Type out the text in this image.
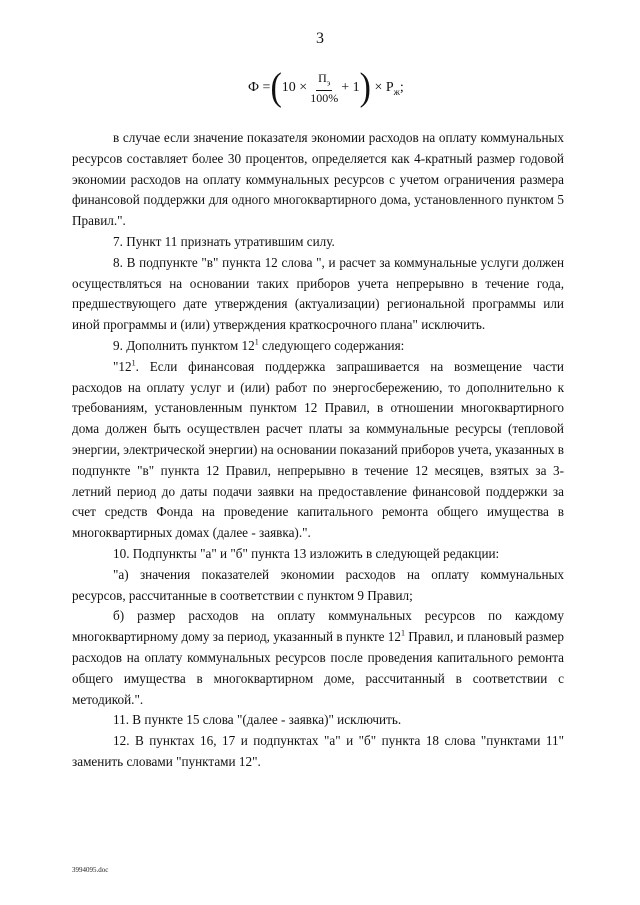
3
Ф = ( $10 \times \frac{П_э}{100\%} + 1$ ) × $Р_ж$ ;

в случае если значение показателя экономии расходов на оплату коммунальных ресурсов составляет более 30 процентов, определяется как 4-кратный размер годовой экономии расходов на оплату коммунальных ресурсов с учетом ограничения размера финансовой поддержки для одного многоквартирного дома, установленного пунктом 5 Правил.".

7. Пункт 11 признать утратившим силу.

8. В подпункте "в" пункта 12 слова ", и расчет за коммунальные услуги должен осуществляться на основании таких приборов учета непрерывно в течение года, предшествующего дате утверждения (актуализации) региональной программы или иной программы и (или) утверждения краткосрочного плана" исключить.

9. Дополнить пунктом $12^1$ следующего содержания:

"$12^1$. Если финансовая поддержка запрашивается на возмещение части расходов на оплату услуг и (или) работ по энергосбережению, то дополнительно к требованиям, установленным пунктом 12 Правил, в отношении многоквартирного дома должен быть осуществлен расчет платы за коммунальные ресурсы (тепловой энергии, электрической энергии) на основании показаний приборов учета, указанных в подпункте "в" пункта 12 Правил, непрерывно в течение 12 месяцев, взятых за 3-летний период до даты подачи заявки на предоставление финансовой поддержки за счет средств Фонда на проведение капитального ремонта общего имущества в многоквартирных домах (далее - заявка).".

10. Подпункты "а" и "б" пункта 13 изложить в следующей редакции:

"а) значения показателей экономии расходов на оплату коммунальных ресурсов, рассчитанные в соответствии с пунктом 9 Правил;

б) размер расходов на оплату коммунальных ресурсов по каждому многоквартирному дому за период, указанный в пункте $12^1$ Правил, и плановый размер расходов на оплату коммунальных ресурсов после проведения капитального ремонта общего имущества в многоквартирном доме, рассчитанный в соответствии с методикой.".

11. В пункте 15 слова "(далее - заявка)" исключить.

12. В пунктах 16, 17 и подпунктах "а" и "б" пункта 18 слова "пунктами 11" заменить словами "пунктами 12".

3994095.doc
